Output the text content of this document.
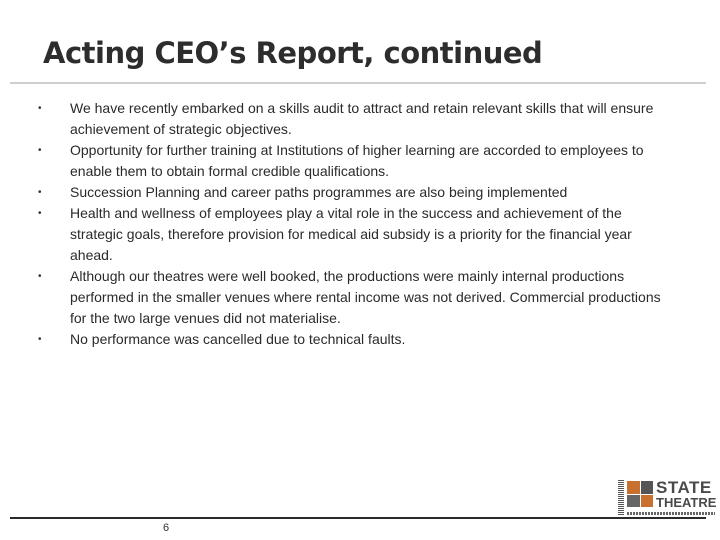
Acting CEO’s Report, continued
•	We have recently embarked on a skills audit to attract and retain relevant skills that will ensure achievement of strategic objectives.
•	Opportunity for further training at Institutions of higher learning are accorded to employees to enable them to obtain formal credible qualifications.
•	Succession Planning and career paths programmes are also being implemented
•	Health and wellness of employees play a vital role in the success and achievement of the strategic goals, therefore provision for medical aid subsidy is a priority for the financial year ahead.
•	Although our theatres were well booked, the productions were mainly internal productions performed in the smaller venues where rental income was not derived. Commercial productions for the two large venues did not materialise.
•	No performance was cancelled due to technical faults.
STATE
THEATRE
6
